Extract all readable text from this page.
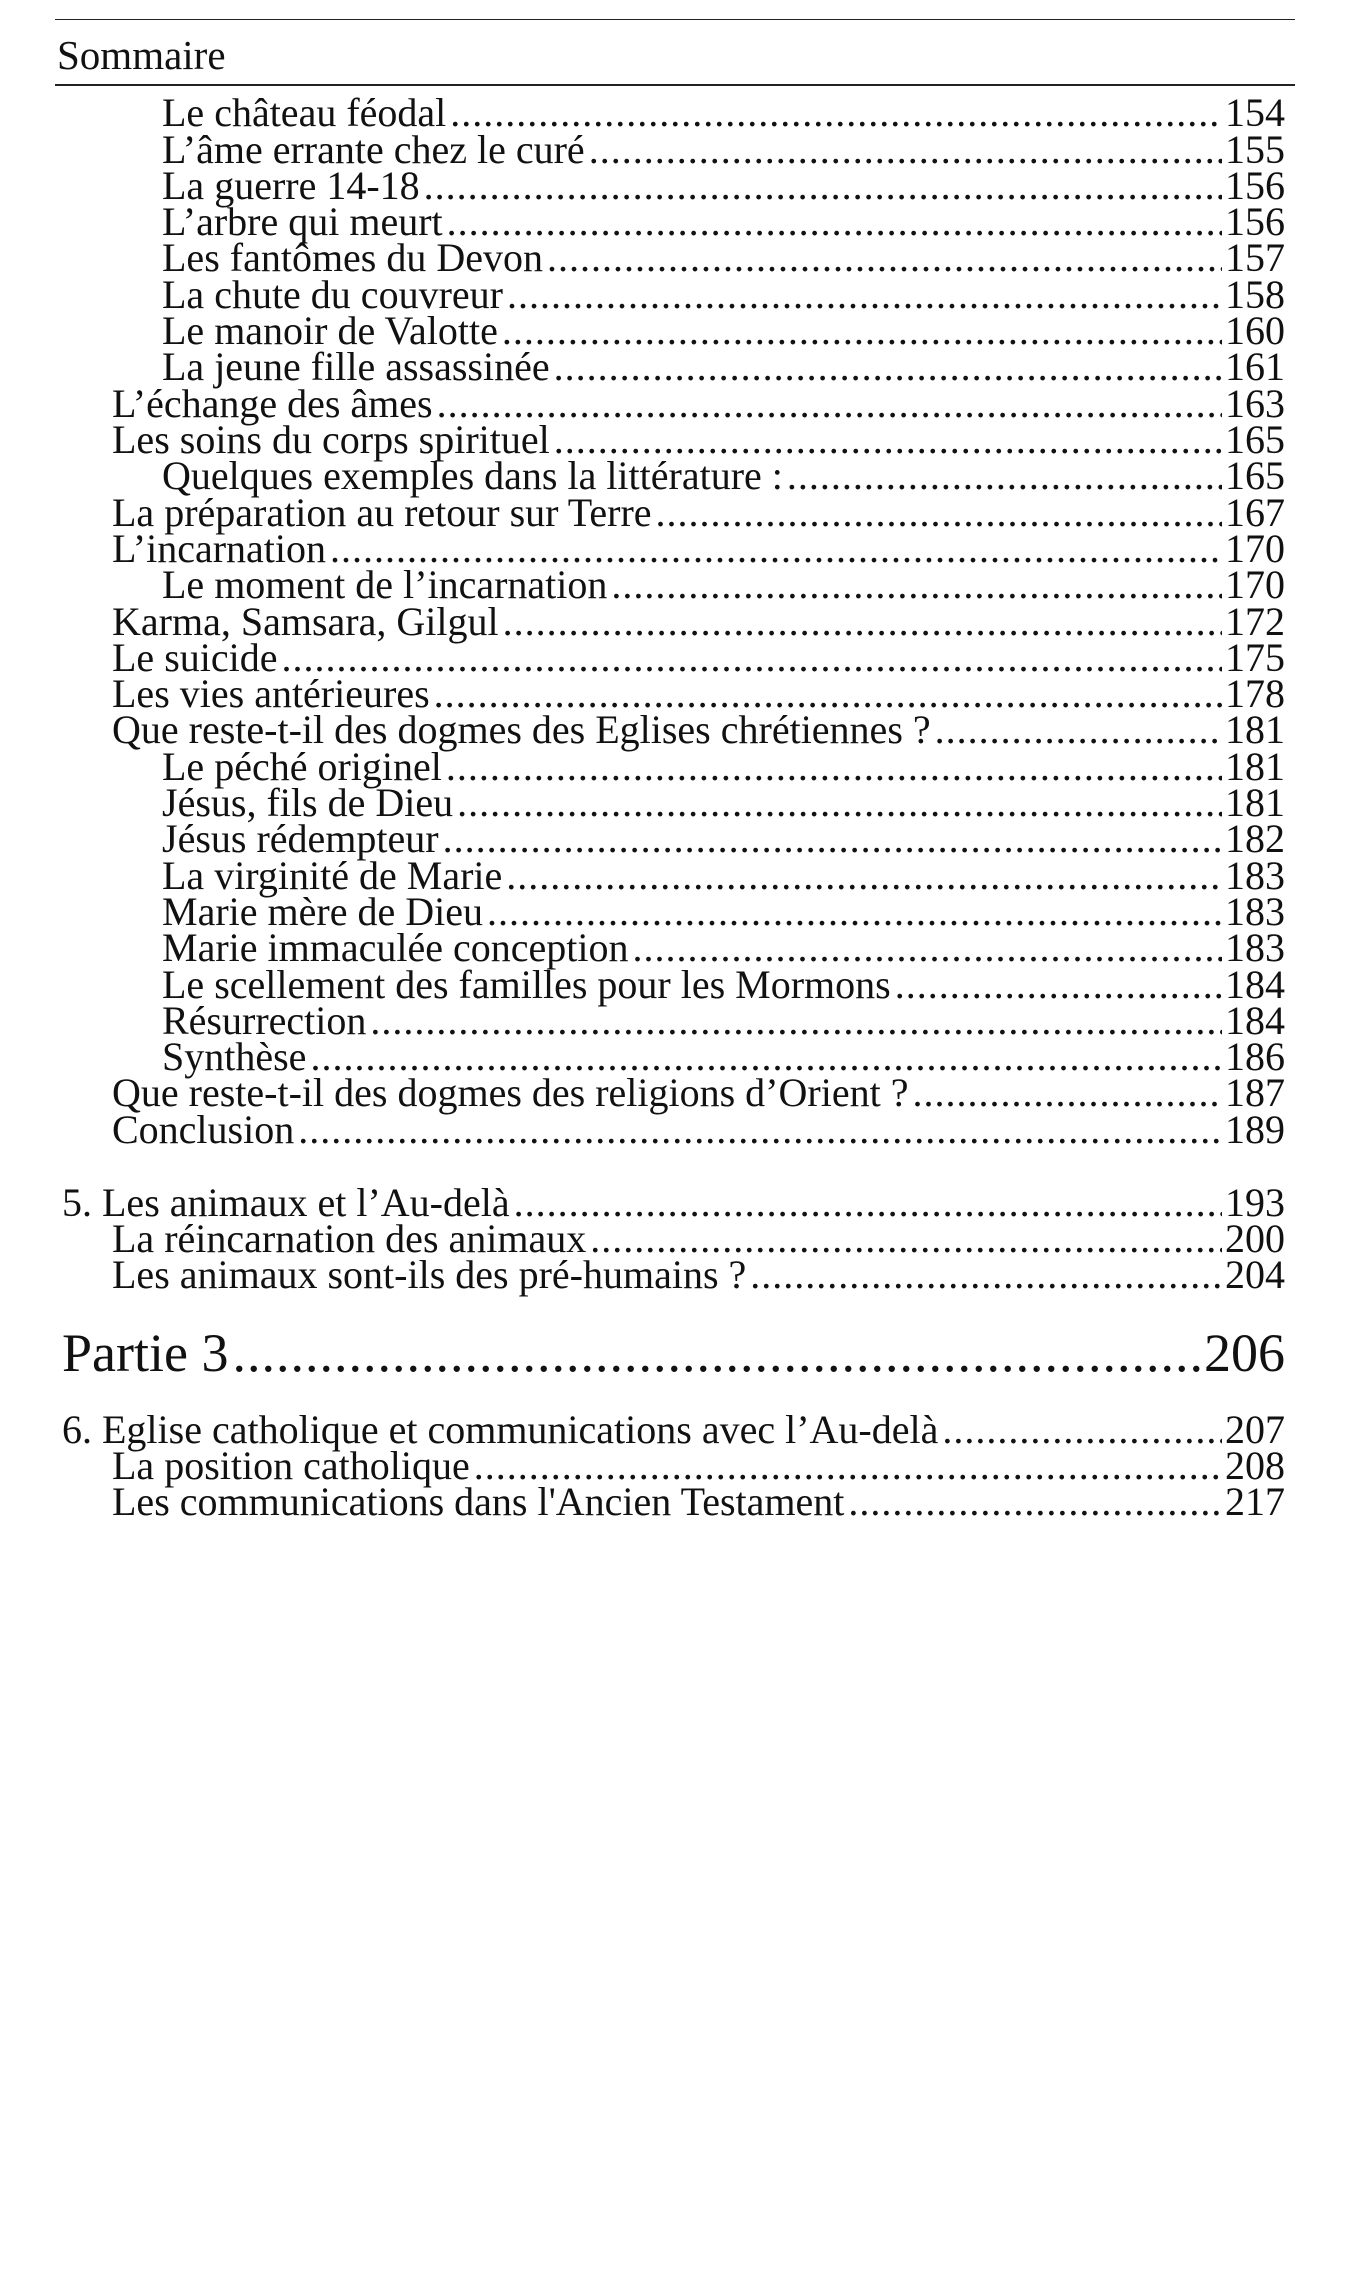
Sommaire
Le château féodal .....	154
L’âme errante chez le curé .....	155
La guerre 14-18 .....	156
L’arbre qui meurt .....	156
Les fantômes du Devon .....	157
La chute du couvreur .....	158
Le manoir de Valotte .....	160
La jeune fille assassinée .....	161
L’échange des âmes .....	163
Les soins du corps spirituel .....	165
Quelques exemples dans la littérature : .....	165
La préparation au retour sur Terre .....	167
L’incarnation .....	170
Le moment de l’incarnation .....	170
Karma, Samsara, Gilgul .....	172
Le suicide .....	175
Les vies antérieures .....	178
Que reste-t-il des dogmes des Eglises chrétiennes ? .....	181
Le péché originel .....	181
Jésus, fils de Dieu .....	181
Jésus rédempteur .....	182
La virginité de Marie .....	183
Marie mère de Dieu .....	183
Marie immaculée conception .....	183
Le scellement des familles pour les Mormons .....	184
Résurrection .....	184
Synthèse .....	186
Que reste-t-il des dogmes des religions d’Orient ? .....	187
Conclusion .....	189
5. Les animaux et l’Au-delà .....	193
La réincarnation des animaux .....	200
Les animaux sont-ils des pré-humains ? .....	204
Partie 3 .....	206
6. Eglise catholique et communications avec l’Au-delà .....	207
La position catholique .....	208
Les communications dans l'Ancien Testament .....	217
